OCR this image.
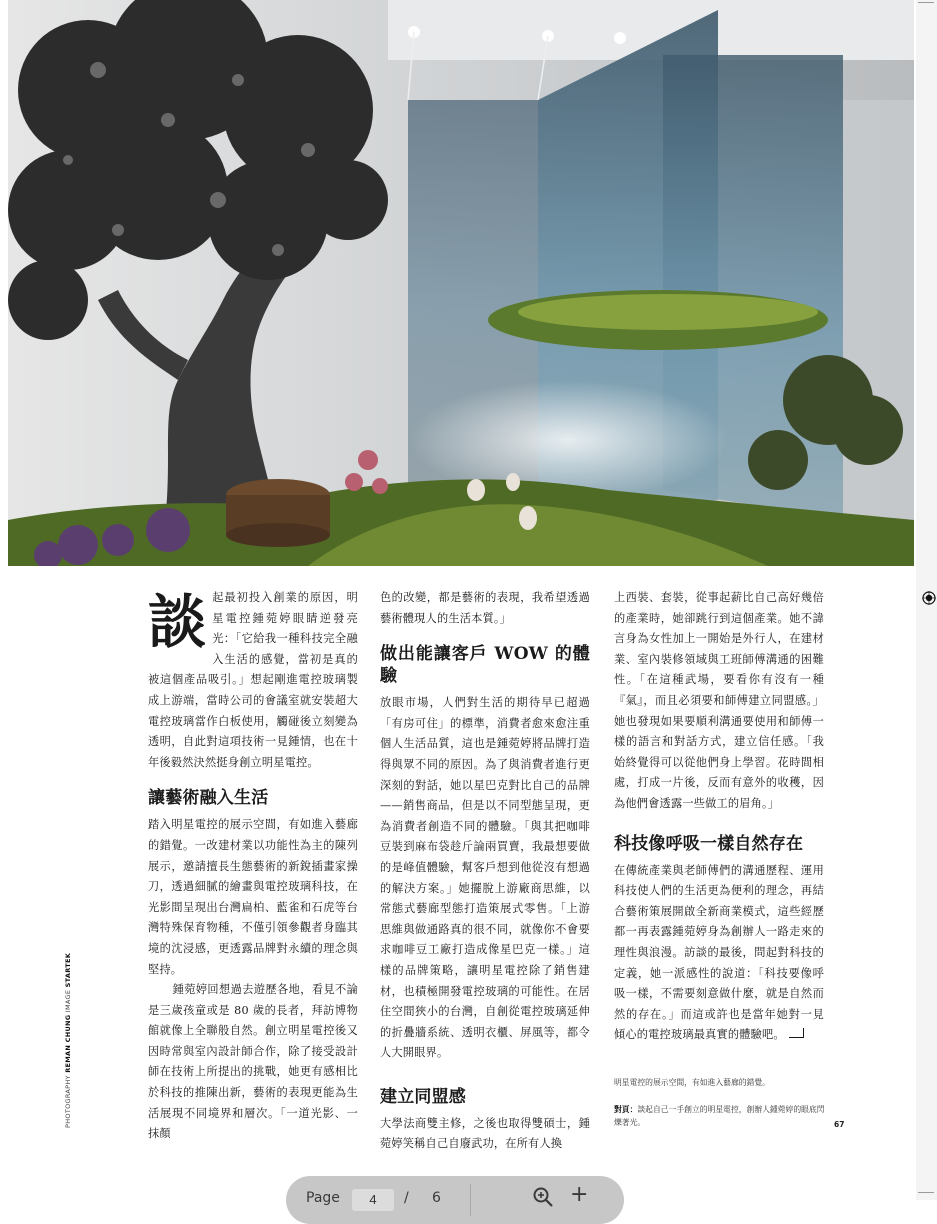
談起最初投入創業的原因，明星電控鍾菀婷眼睛逆發亮光：「它給我一種科技完全融入生活的感覺，當初是真的被這個產品吸引。」想起剛進電控玻璃製成上游端，當時公司的會議室就安裝超大電控玻璃當作白板使用，觸碰後立刻變為透明，自此對這項技術一見鍾情，也在十年後毅然決然挺身創立明星電控。

讓藝術融入生活

踏入明星電控的展示空間，有如進入藝廊的錯覺。一改建材業以功能性為主的陳列展示，邀請擅長生態藝術的新銳插畫家操刀，透過細膩的繪畫與電控玻璃科技，在光影間呈現出台灣扁柏、藍雀和石虎等台灣特殊保育物種，不僅引領參觀者身臨其境的沈浸感，更透露品牌對永續的理念與堅持。

鍾菀婷回想過去遊歷各地，看見不論是三歲孩童或是 80 歲的長者，拜訪博物館就像上全聯般自然。創立明星電控後又因時常與室內設計師合作，除了接受設計師在技術上所提出的挑戰，她更有感相比於科技的推陳出新，藝術的表現更能為生活展現不同境界和層次。「一道光影、一抹顏

色的改變，都是藝術的表現，我希望透過藝術體現人的生活本質。」

做出能讓客戶 WOW 的體驗

放眼市場，人們對生活的期待早已超過「有房可住」的標準，消費者愈來愈注重個人生活品質，這也是鍾菀婷將品牌打造得與眾不同的原因。為了與消費者進行更深刻的對話，她以星巴克對比自己的品牌——銷售商品，但是以不同型態呈現，更為消費者創造不同的體驗。「與其把咖啡豆裝到麻布袋趁斤論兩買賣，我最想要做的是峰值體驗，幫客戶想到他從沒有想過的解決方案。」她擺脫上游廠商思維，以常態式藝廊型態打造策展式零售。「上游思維與做通路真的很不同，就像你不會要求咖啡豆工廠打造成像星巴克一樣。」這樣的品牌策略，讓明星電控除了銷售建材，也積極開發電控玻璃的可能性。在居住空間狹小的台灣，自創從電控玻璃延伸的折疊牆系統、透明衣櫃、屏風等，都令人大開眼界。

建立同盟感

大學法商雙主修，之後也取得雙碩士，鍾菀婷笑稱自己自廢武功，在所有人換

上西裝、套裝，從事起薪比自己高好幾倍的產業時，她卻跳行到這個產業。她不諱言身為女性加上一開始是外行人，在建材業、室內裝修領域與工班師傅溝通的困難性。「在這種武場，要看你有沒有一種『氣』，而且必須要和師傅建立同盟感。」她也發現如果要順利溝通要使用和師傅一樣的語言和對話方式，建立信任感。「我始終覺得可以從他們身上學習。花時間相處，打成一片後，反而有意外的收穫，因為他們會透露一些做工的眉角。」

科技像呼吸一樣自然存在

在傳統產業與老師傅們的溝通歷程、運用科技使人們的生活更為便利的理念，再結合藝術策展開啟全新商業模式，這些經歷都一再表露鍾菀婷身為創辦人一路走來的理性與浪漫。訪談的最後，問起對科技的定義，她一派感性的說道：「科技要像呼吸一樣，不需要刻意做什麼，就是自然而然的存在。」而這或許也是當年她對一見傾心的電控玻璃最真實的體驗吧。

PHOTOGRAPHY REMAN CHUNG IMAGE STARTEK
明星電控的展示空間，有如進入藝廊的錯覺。
對頁：談起自己一手創立的明星電控，創辦人鍾菀婷的眼底閃爍著光。	67
Page
4	/ 6	+
